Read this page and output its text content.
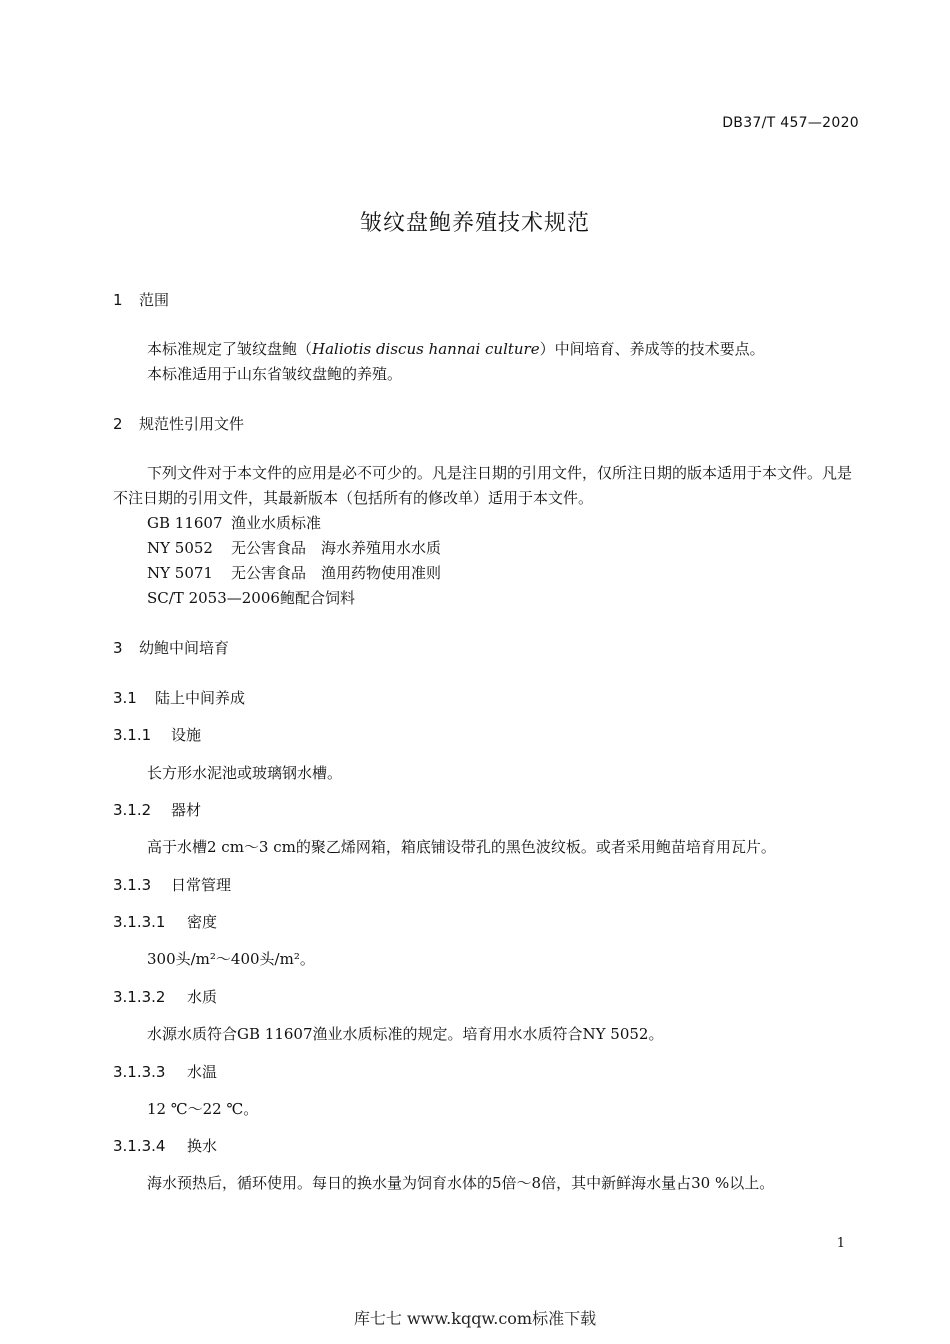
DB37/T 457—2020
皱纹盘鲍养殖技术规范
1 范围
本标准规定了皱纹盘鲍（Haliotis discus hannai culture）中间培育、养成等的技术要点。
本标准适用于山东省皱纹盘鲍的养殖。
2 规范性引用文件
下列文件对于本文件的应用是必不可少的。凡是注日期的引用文件，仅所注日期的版本适用于本文件。凡是不注日期的引用文件，其最新版本（包括所有的修改单）适用于本文件。
GB 11607 渔业水质标准
NY 5052 无公害食品　海水养殖用水水质
NY 5071 无公害食品　渔用药物使用准则
SC/T 2053—2006鲍配合饲料
3 幼鲍中间培育
3.1 陆上中间养成
3.1.1 设施
长方形水泥池或玻璃钢水槽。
3.1.2 器材
高于水槽2 cm～3 cm的聚乙烯网箱，箱底铺设带孔的黑色波纹板。或者采用鲍苗培育用瓦片。
3.1.3 日常管理
3.1.3.1 密度
300头/m²～400头/m²。
3.1.3.2 水质
水源水质符合GB 11607渔业水质标准的规定。培育用水水质符合NY 5052。
3.1.3.3 水温
12 ℃～22 ℃。
3.1.3.4 换水
海水预热后，循环使用。每日的换水量为饲育水体的5倍～8倍，其中新鲜海水量占30 %以上。
1
库七七 www.kqqw.com标准下载
